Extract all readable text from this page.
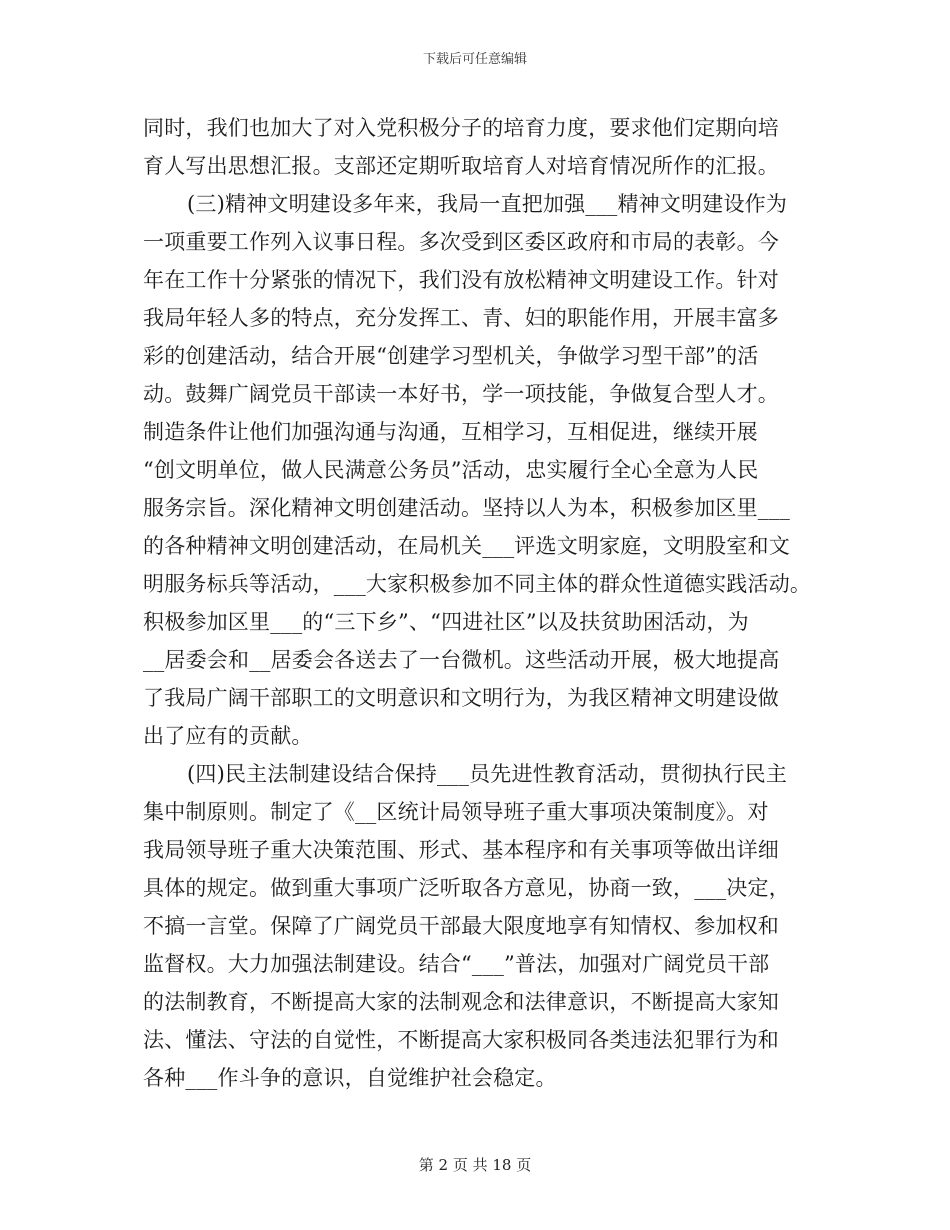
下载后可任意编辑
同时，我们也加大了对入党积极分子的培育力度，要求他们定期向培
育人写出思想汇报。支部还定期听取培育人对培育情况所作的汇报。
(三)精神文明建设多年来，我局一直把加强___精神文明建设作为
一项重要工作列入议事日程。多次受到区委区政府和市局的表彰。今
年在工作十分紧张的情况下，我们没有放松精神文明建设工作。针对
我局年轻人多的特点，充分发挥工、青、妇的职能作用，开展丰富多
彩的创建活动，结合开展“创建学习型机关，争做学习型干部”的活
动。鼓舞广阔党员干部读一本好书，学一项技能，争做复合型人才。
制造条件让他们加强沟通与沟通，互相学习，互相促进，继续开展
“创文明单位，做人民满意公务员”活动，忠实履行全心全意为人民
服务宗旨。深化精神文明创建活动。坚持以人为本，积极参加区里___
的各种精神文明创建活动，在局机关___评选文明家庭，文明股室和文
明服务标兵等活动，___大家积极参加不同主体的群众性道德实践活动。
积极参加区里___的“三下乡”、“四进社区”以及扶贫助困活动，为
__居委会和__居委会各送去了一台微机。这些活动开展，极大地提高
了我局广阔干部职工的文明意识和文明行为，为我区精神文明建设做
出了应有的贡献。
(四)民主法制建设结合保持___员先进性教育活动，贯彻执行民主
集中制原则。制定了《__区统计局领导班子重大事项决策制度》。对
我局领导班子重大决策范围、形式、基本程序和有关事项等做出详细
具体的规定。做到重大事项广泛听取各方意见，协商一致，___决定，
不搞一言堂。保障了广阔党员干部最大限度地享有知情权、参加权和
监督权。大力加强法制建设。结合“___”普法，加强对广阔党员干部
的法制教育，不断提高大家的法制观念和法律意识，不断提高大家知
法、懂法、守法的自觉性，不断提高大家积极同各类违法犯罪行为和
各种___作斗争的意识，自觉维护社会稳定。
第 2 页 共 18 页
